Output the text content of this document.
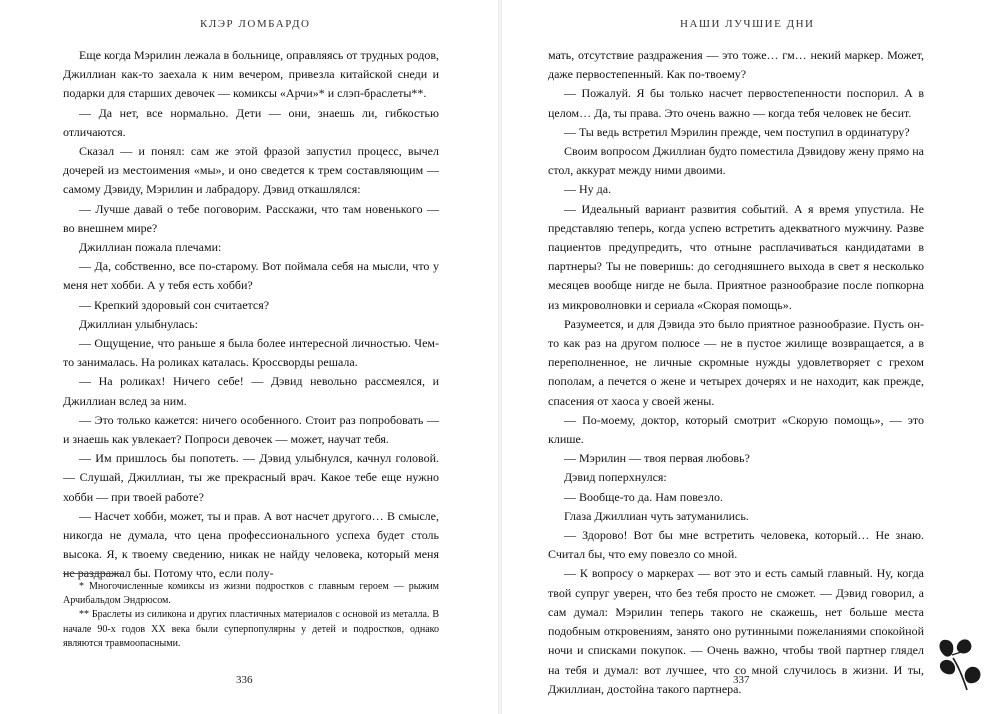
КЛЭР ЛОМБАРДО	НАШИ ЛУЧШИЕ ДНИ

Еще когда Мэрилин лежала в больнице, оправляясь от трудных родов, Джиллиан как-то заехала к ним вечером, привезла китайской снеди и подарки для старших девочек — комиксы «Арчи»* и слэп-браслеты**.

— Да нет, все нормально. Дети — они, знаешь ли, гибкостью отличаются.

Сказал — и понял: сам же этой фразой запустил процесс, вычел дочерей из местоимения «мы», и оно сведется к трем составляющим — самому Дэвиду, Мэрилин и лабрадору. Дэвид откашлялся:

— Лучше давай о тебе поговорим. Расскажи, что там новенького — во внешнем мире?

Джиллиан пожала плечами:

— Да, собственно, все по-старому. Вот поймала себя на мысли, что у меня нет хобби. А у тебя есть хобби?

— Крепкий здоровый сон считается?

Джиллиан улыбнулась:

— Ощущение, что раньше я была более интересной личностью. Чем-то занималась. На роликах каталась. Кроссворды решала.

— На роликах! Ничего себе! — Дэвид невольно рассмеялся, и Джиллиан вслед за ним.

— Это только кажется: ничего особенного. Стоит раз попробовать — и знаешь как увлекает? Попроси девочек — может, научат тебя.

— Им пришлось бы попотеть. — Дэвид улыбнулся, качнул головой. — Слушай, Джиллиан, ты же прекрасный врач. Какое тебе еще нужно хобби — при твоей работе?

— Насчет хобби, может, ты и прав. А вот насчет другого… В смысле, никогда не думала, что цена профессионального успеха будет столь высока. Я, к твоему сведению, никак не найду человека, который меня не раздражал бы. Потому что, если полу-

* Многочисленные комиксы из жизни подростков с главным героем — рыжим Арчибальдом Эндрюсом.

** Браслеты из силикона и других пластичных материалов с основой из металла. В начале 90-х годов XX века были суперпопулярны у детей и подростков, однако являются травмоопасными.

мать, отсутствие раздражения — это тоже… гм… некий маркер. Может, даже первостепенный. Как по-твоему?

— Пожалуй. Я бы только насчет первостепенности поспорил. А в целом… Да, ты права. Это очень важно — когда тебя человек не бесит.

— Ты ведь встретил Мэрилин прежде, чем поступил в ординатуру?

Своим вопросом Джиллиан будто поместила Дэвидову жену прямо на стол, аккурат между ними двоими.

— Ну да.

— Идеальный вариант развития событий. А я время упустила. Не представляю теперь, когда успею встретить адекватного мужчину. Разве пациентов предупредить, что отныне расплачиваться кандидатами в партнеры? Ты не поверишь: до сегодняшнего выхода в свет я несколько месяцев вообще нигде не была. Приятное разнообразие после попкорна из микроволновки и сериала «Скорая помощь».

Разумеется, и для Дэвида это было приятное разнообразие. Пусть он-то как раз на другом полюсе — не в пустое жилище возвращается, а в переполненное, не личные скромные нужды удовлетворяет с грехом пополам, а печется о жене и четырех дочерях и не находит, как прежде, спасения от хаоса у своей жены.

— По-моему, доктор, который смотрит «Скорую помощь», — это клише.

— Мэрилин — твоя первая любовь?

Дэвид поперхнулся:

— Вообще-то да. Нам повезло.

Глаза Джиллиан чуть затуманились.

— Здорово! Вот бы мне встретить человека, который… Не знаю. Считал бы, что ему повезло со мной.

— К вопросу о маркерах — вот это и есть самый главный. Ну, когда твой супруг уверен, что без тебя просто не сможет. — Дэвид говорил, а сам думал: Мэрилин теперь такого не скажешь, нет больше места подобным откровениям, занято оно рутинными пожеланиями спокойной ночи и списками покупок. — Очень важно, чтобы твой партнер глядел на тебя и думал: вот лучшее, что со мной случилось в жизни. И ты, Джиллиан, достойна такого партнера.

336	337
